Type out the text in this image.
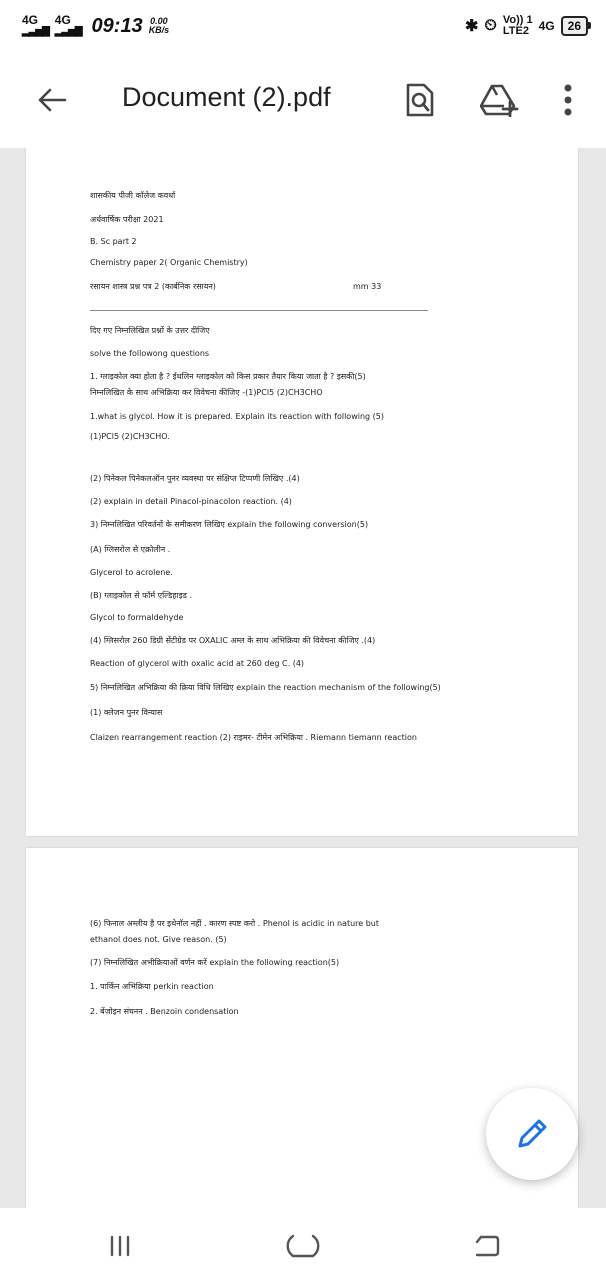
4G
▂▃▅▇
4G
▂▃▅▇ 09:13 0.00
KB/s	✱ ⏲ Vo)) 1
LTE2 4G	26
Document (2).pdf
शासकीय पीजी कॉलेज कवर्धा
अर्धवार्षिक परीक्षा 2021
B. Sc part 2
Chemistry paper 2( Organic Chemistry)
रसायन शास्त्र प्रश्न पत्र 2 (कार्बनिक रसायन)	mm 33
दिए गए निम्नलिखित प्रश्नों के उत्तर दीजिए
solve the followong questions
1. ग्लाइकोल क्या होता है ? ईथलिन ग्लाइकोल को किस प्रकार तैयार किया जाता है ? इसकी(5)
निम्नलिखित के साथ अभिक्रिया कर विवेचना कीजिए -(1)PCl5 (2)CH3CHO
1.what is glycol. How it is prepared. Explain its reaction with following (5)
(1)PCl5 (2)CH3CHO.
(2) पिनेकल पिनेकलऑन पुनर व्यवस्था पर संक्षिप्त टिप्पणी लिखिए .(4)
(2) explain in detail Pinacol-pinacolon reaction. (4)
3) निम्नलिखित परिवर्तनों के समीकरण लिखिए explain the following conversion(5)
(A) ग्लिसरोल से एक्रोलीन .
Glycerol to acrolene.
(B) ग्लाइकोल से फॉर्म एल्डिहाइड .
Glycol to formaldehyde
(4) ग्लिसरोल 260 डिग्री सेंटीग्रेड पर OXALIC अम्ल के साथ अभिक्रिया की विवेचना कीजिए .(4)
Reaction of glycerol with oxalic acid at 260 deg C. (4)
5) निम्नलिखित अभिक्रिया की क्रिया विधि लिखिए explain the reaction mechanism of the following(5)
(1) क्लेजन पुनर विन्यास
Claizen rearrangement reaction (2) राइमर- टीमेन अभिक्रिया . Riemann tiemann reaction
(6) फिनाल अम्लीय है पर इथेनॉल नहीं . कारण स्पष्ट करो . Phenol is acidic in nature but
ethanol does not. Give reason. (5)
(7) निम्नलिखित अभीक्रियाओं वर्णन करें explain the following reaction(5)
1. पार्किन अभिक्रिया perkin reaction
2. बेंजोइन संघनन . Benzoin condensation
